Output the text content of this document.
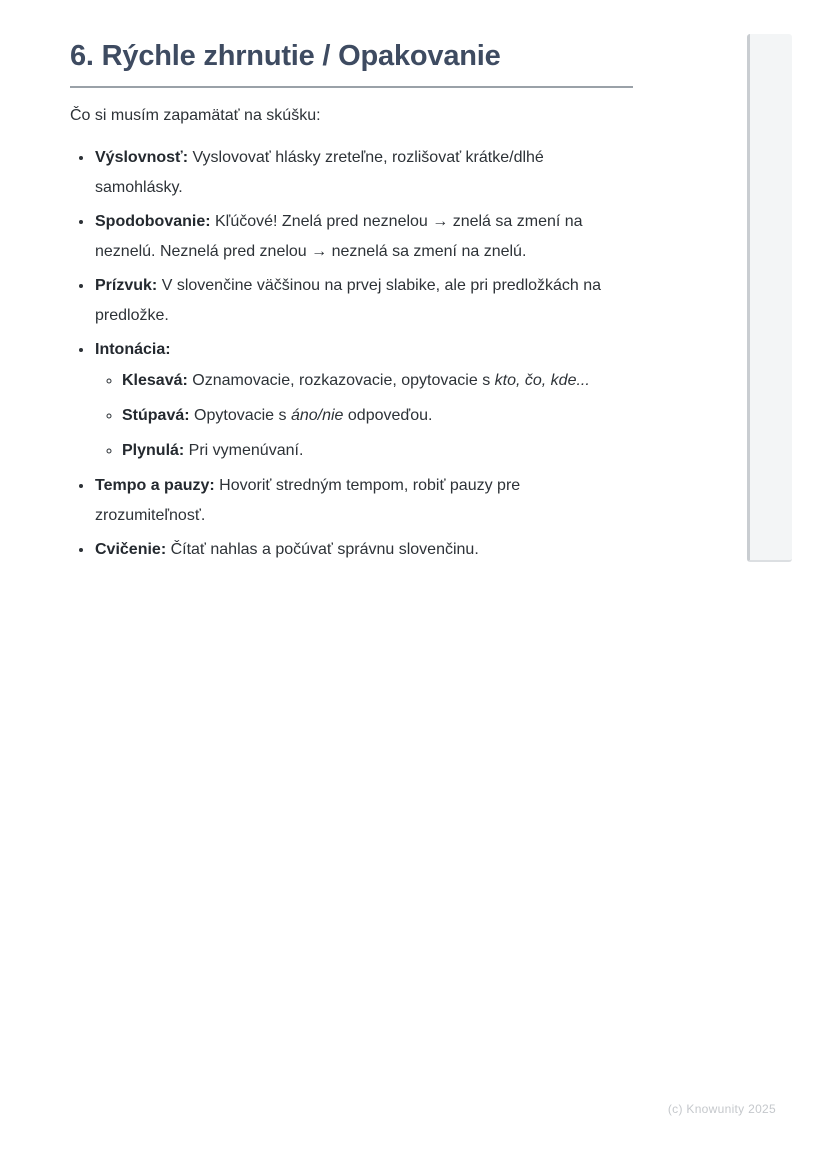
6. Rýchle zhrnutie / Opakovanie

Čo si musím zapamätať na skúšku:

• Výslovnosť: Vyslovovať hlásky zreteľne, rozlišovať krátke/dlhé samohlásky.
• Spodobovanie: Kľúčové! Znelá pred neznelou → znelá sa zmení na neznelú. Neznelá pred znelou → neznelá sa zmení na znelú.
• Prízvuk: V slovenčine väčšinou na prvej slabike, ale pri predložkách na predložke.
• Intonácia:
◦ Klesavá: Oznamovacie, rozkazovacie, opytovacie s kto, čo, kde...
◦ Stúpavá: Opytovacie s áno/nie odpoveďou.
◦ Plynulá: Pri vymenúvaní.
• Tempo a pauzy: Hovoriť stredným tempom, robiť pauzy pre zrozumiteľnosť.
• Cvičenie: Čítať nahlas a počúvať správnu slovenčinu.
(c) Knowunity 2025
